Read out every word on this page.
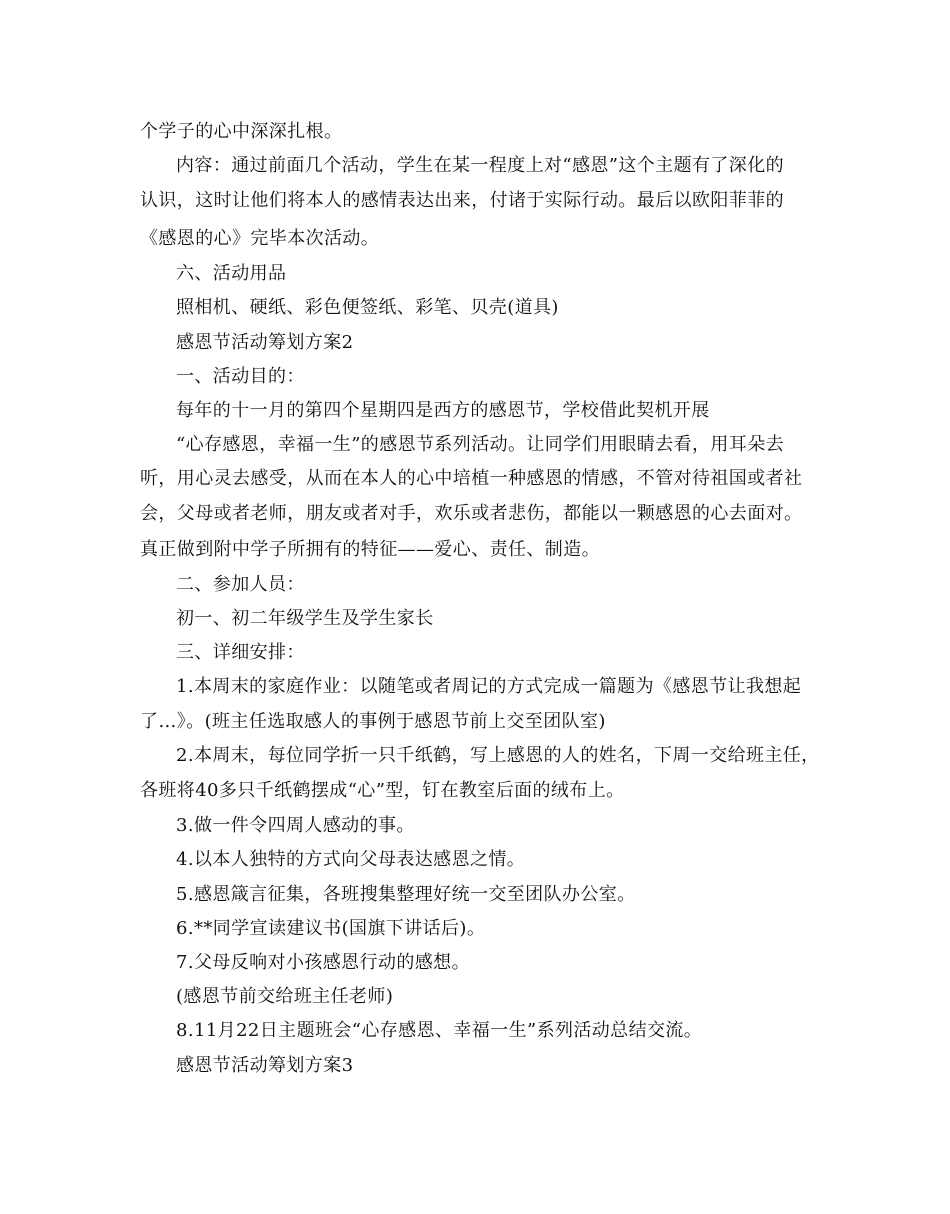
个学子的心中深深扎根。
内容：通过前面几个活动，学生在某一程度上对“感恩”这个主题有了深化的
认识，这时让他们将本人的感情表达出来，付诸于实际行动。最后以欧阳菲菲的
《感恩的心》完毕本次活动。
六、活动用品
照相机、硬纸、彩色便签纸、彩笔、贝壳(道具)
感恩节活动筹划方案2
一、活动目的：
每年的十一月的第四个星期四是西方的感恩节，学校借此契机开展
“心存感恩，幸福一生”的感恩节系列活动。让同学们用眼睛去看，用耳朵去
听，用心灵去感受，从而在本人的心中培植一种感恩的情感，不管对待祖国或者社
会，父母或者老师，朋友或者对手，欢乐或者悲伤，都能以一颗感恩的心去面对。
真正做到附中学子所拥有的特征——爱心、责任、制造。
二、参加人员：
初一、初二年级学生及学生家长
三、详细安排：
1.本周末的家庭作业：以随笔或者周记的方式完成一篇题为《感恩节让我想起
了…》。(班主任选取感人的事例于感恩节前上交至团队室)
2.本周末，每位同学折一只千纸鹤，写上感恩的人的姓名，下周一交给班主任，
各班将40多只千纸鹤摆成“心”型，钉在教室后面的绒布上。
3.做一件令四周人感动的事。
4.以本人独特的方式向父母表达感恩之情。
5.感恩箴言征集，各班搜集整理好统一交至团队办公室。
6.**同学宣读建议书(国旗下讲话后)。
7.父母反响对小孩感恩行动的感想。
(感恩节前交给班主任老师)
8.11月22日主题班会“心存感恩、幸福一生”系列活动总结交流。
感恩节活动筹划方案3
